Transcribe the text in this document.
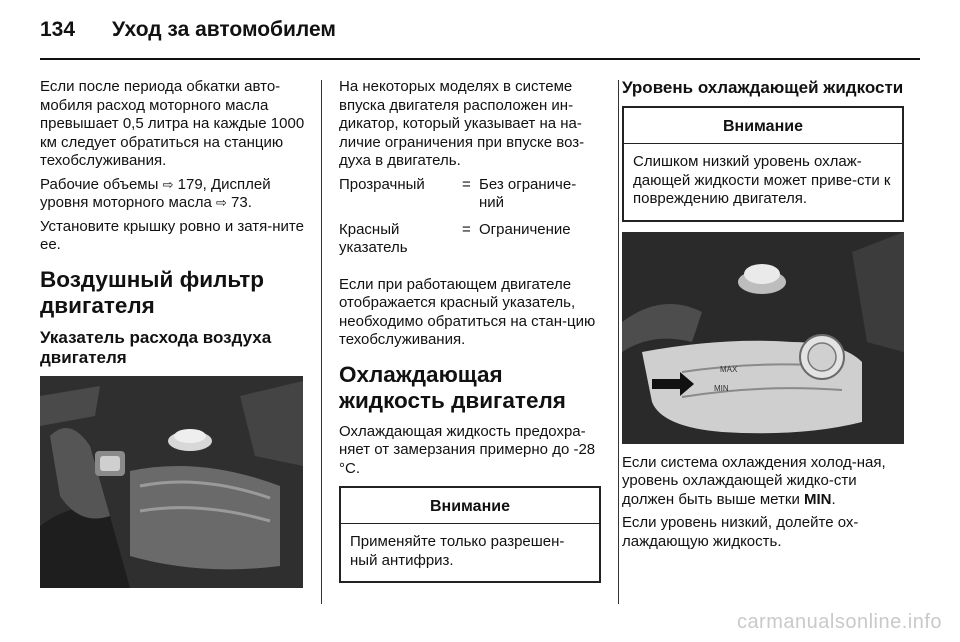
134	Уход за автомобилем

Если после периода обкатки авто-мобиля расход моторного масла превышает 0,5 литра на каждые 1000 км следует обратиться на станцию техобслуживания.

Рабочие объемы ⇨ 179, Дисплей уровня моторного масла ⇨ 73.

Установите крышку ровно и затя-ните ее.

Воздушный фильтр двигателя
Указатель расхода воздуха двигателя

На некоторых моделях в системе впуска двигателя расположен ин-дикатор, который указывает на на-личие ограничения при впуске воз-духа в двигатель.

Прозрачный	=	Без ограниче-ний
Красный указатель	=	Ограничение

Если при работающем двигателе отображается красный указатель, необходимо обратиться на стан-цию техобслуживания.

Охлаждающая жидкость двигателя

Охлаждающая жидкость предохра-няет от замерзания примерно до -28 °C.

Внимание
Применяйте только разрешен-ный антифриз.
Уровень охлаждающей жидкости
Внимание
Слишком низкий уровень охлаж-дающей жидкости может приве-сти к повреждению двигателя.
MAX
MIN

Если система охлаждения холод-ная, уровень охлаждающей жидко-сти должен быть выше метки MIN.

Если уровень низкий, долейте ох-лаждающую жидкость.

carmanualsonline.info
